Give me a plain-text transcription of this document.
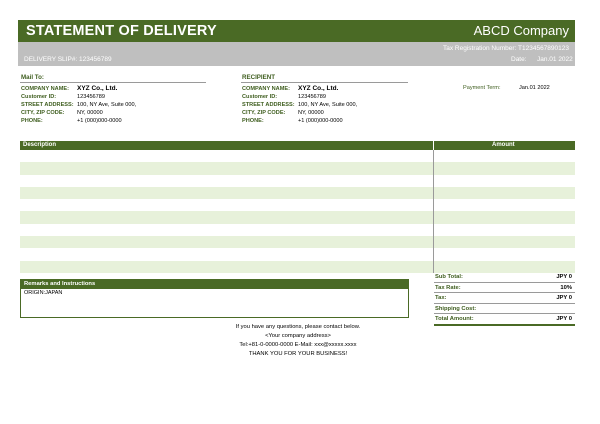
STATEMENT OF DELIVERY	ABCD Company
Tax Registration Number: T1234567890123
DELIVERY SLIP#: 123456789	Date: Jan.01 2022
Mail To:
COMPANY NAME: XYZ Co., Ltd.
Customer ID:	123456789
STREET ADDRESS: 100, NY Ave, Suite 000,
CITY, ZIP CODE: NY, 00000
PHONE:	+1 (000)000-0000
RECIPIENT
COMPANY NAME: XYZ Co., Ltd.
Customer ID:	123456789
STREET ADDRESS: 100, NY Ave, Suite 000,
CITY, ZIP CODE: NY, 00000
PHONE:	+1 (000)000-0000
Payment Term:	Jan.01 2022
Description	Amount
Remarks and Instructions
ORIGIN:JAPAN
Sub Total:	JPY 0
Tax Rate:	10%
Tax:	JPY 0
Shipping Cost:
Total Amount:	JPY 0
If you have any questions, please contact below.
<Your company address>
Tel:+81-0-0000-0000 E-Mail: xxx@xxxxx.xxxx
THANK YOU FOR YOUR BUSINESS!
